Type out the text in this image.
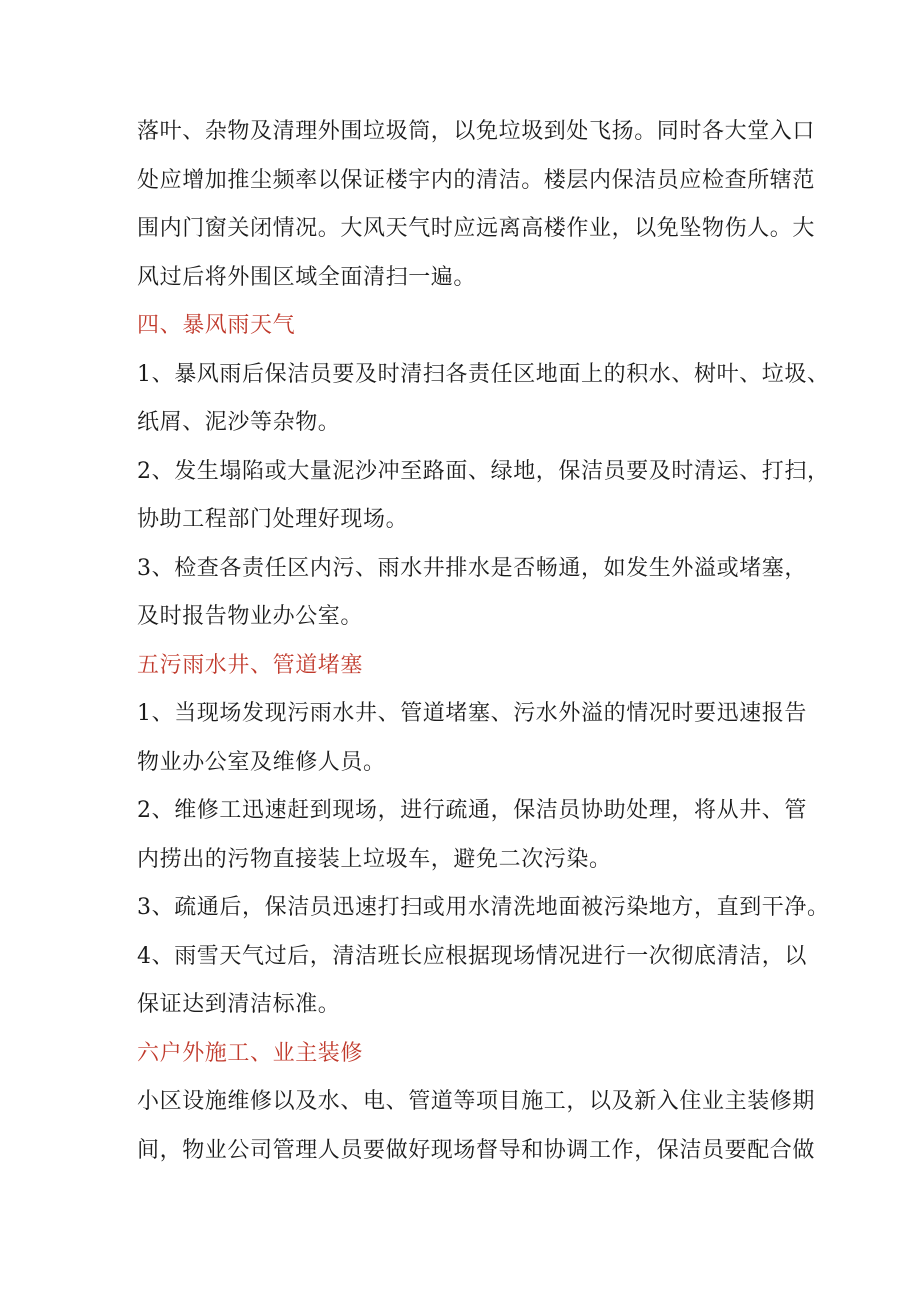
落叶、杂物及清理外围垃圾筒，以免垃圾到处飞扬。同时各大堂入口
处应增加推尘频率以保证楼宇内的清洁。楼层内保洁员应检查所辖范
围内门窗关闭情况。大风天气时应远离高楼作业，以免坠物伤人。大
风过后将外围区域全面清扫一遍。
四、暴风雨天气
1、暴风雨后保洁员要及时清扫各责任区地面上的积水、树叶、垃圾、
纸屑、泥沙等杂物。
2、发生塌陷或大量泥沙冲至路面、绿地，保洁员要及时清运、打扫，
协助工程部门处理好现场。
3、检查各责任区内污、雨水井排水是否畅通，如发生外溢或堵塞，
及时报告物业办公室。
五污雨水井、管道堵塞
1、当现场发现污雨水井、管道堵塞、污水外溢的情况时要迅速报告
物业办公室及维修人员。
2、维修工迅速赶到现场，进行疏通，保洁员协助处理，将从井、管
内捞出的污物直接装上垃圾车，避免二次污染。
3、疏通后，保洁员迅速打扫或用水清洗地面被污染地方，直到干净。
4、雨雪天气过后，清洁班长应根据现场情况进行一次彻底清洁，以
保证达到清洁标准。
六户外施工、业主装修
小区设施维修以及水、电、管道等项目施工，以及新入住业主装修期
间，物业公司管理人员要做好现场督导和协调工作，保洁员要配合做
